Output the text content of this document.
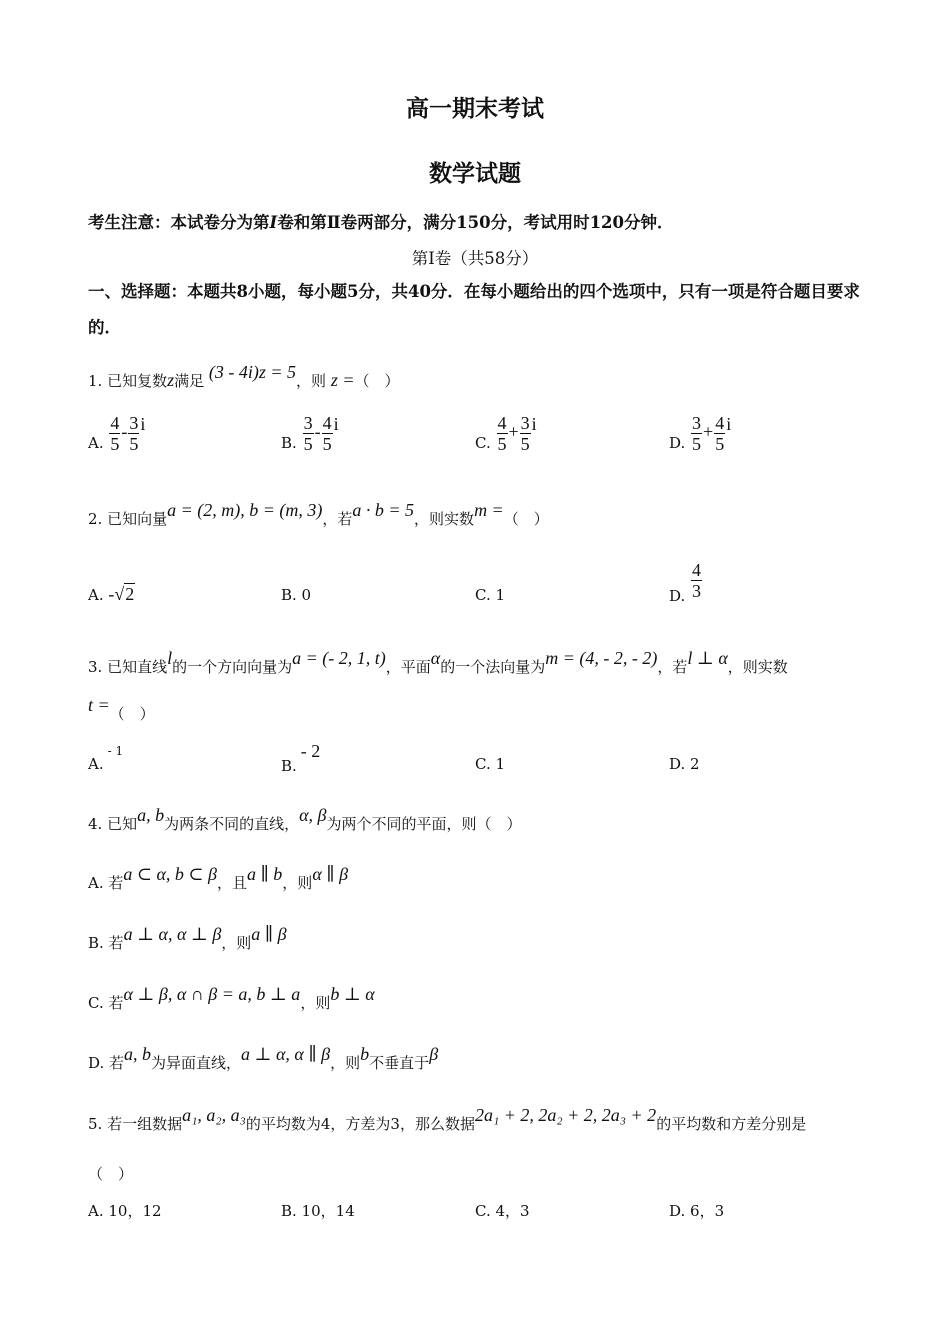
高一期末考试
数学试题
考生注意：本试卷分为第I卷和第Ⅱ卷两部分，满分150分，考试用时120分钟．
第Ⅰ卷（共58分）
一、选择题：本题共8小题，每小题5分，共40分．在每小题给出的四个选项中，只有一项是符合题目要求的．
1. 已知复数z满足 (3 - 4i)z = 5，则 z =（　）
A. $\frac{4}{5} - \frac{3}{5}$ i
B. $\frac{3}{5} - \frac{4}{5}$ i
C. $\frac{4}{5} + \frac{3}{5}$ i
D. $\frac{3}{5} + \frac{4}{5}$ i
2. 已知向量a = (2, m), b = (m, 3)，若a · b = 5，则实数m =（　）
A. -√2	B. 0	C. 1	D. $\frac{4}{3}$
3. 已知直线l的一个方向向量为a = (- 2, 1, t)，平面α的一个法向量为m = (4, - 2, - 2)，若l ⊥ α，则实数
t =（　）
A.$^{- 1}$
B.- 2
C. 1	D. 2
4. 已知a, b为两条不同的直线，α, β为两个不同的平面，则（　）
A. 若a ⊂ α, b ⊂ β，且a ∥ b，则α ∥ β
B. 若a ⊥ α, α ⊥ β，则a ∥ β
C. 若α ⊥ β, α ∩ β = a, b ⊥ a，则b ⊥ α
D. 若a, b为异面直线，a ⊥ α, α ∥ β，则b不垂直于β
5. 若一组数据a₁, a₂, a₃的平均数为4，方差为3，那么数据2a₁ + 2, 2a₂ + 2, 2a₃ + 2的平均数和方差分别是
（　）
A. 10，12	B. 10，14	C. 4，3	D. 6，3
